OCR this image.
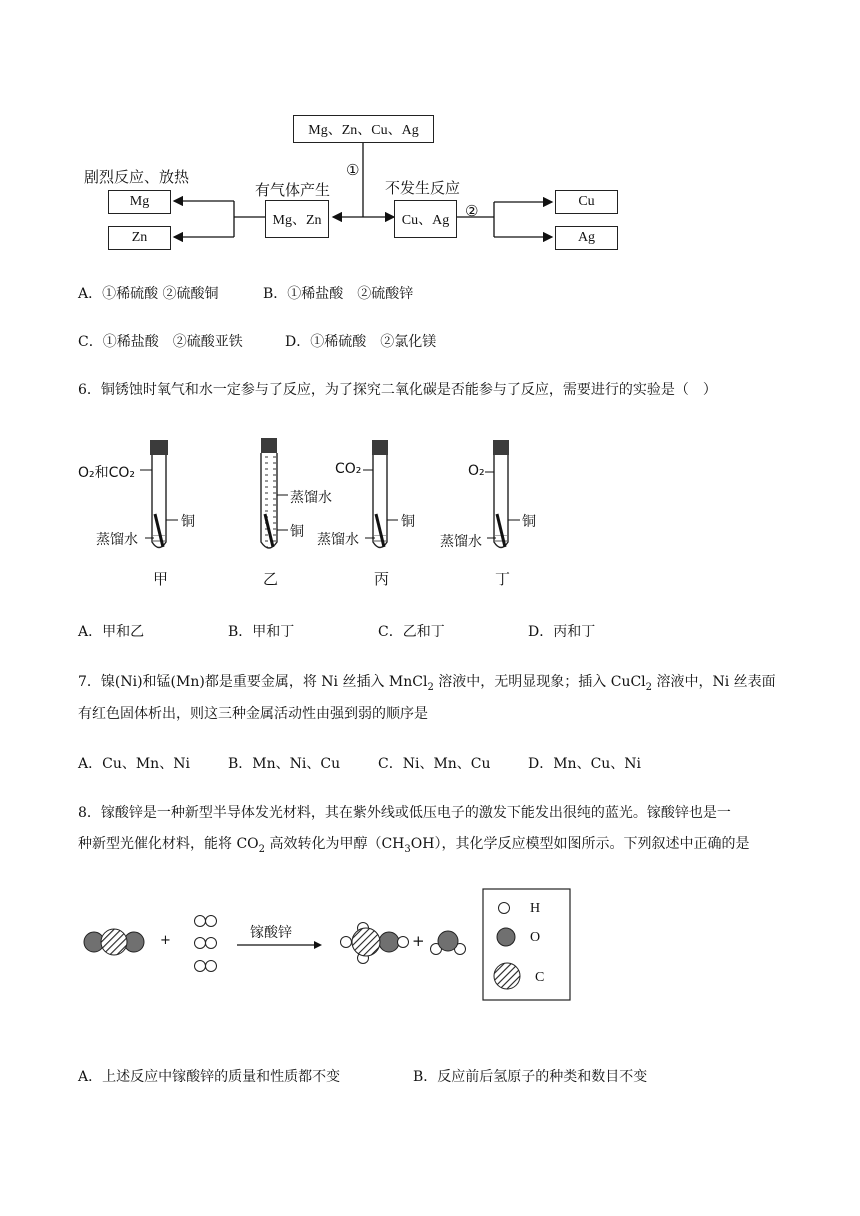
Mg、Zn、Cu、Ag
Mg、Zn	Cu、Ag
Mg
Zn
Cu
Ag
①
②
有气体产生	不发生反应
剧烈反应、放热
A．①稀硫酸 ②硫酸铜	B．①稀盐酸　②硫酸锌
C．①稀盐酸　②硫酸亚铁	D．①稀硫酸　②氯化镁
6．铜锈蚀时氧气和水一定参与了反应，为了探究二氧化碳是否能参与了反应，需要进行的实验是（　）
O₂和CO₂
铜
蒸馏水
蒸馏水
铜
CO₂
铜
蒸馏水
O₂
铜
蒸馏水
甲	乙	丙	丁
A．甲和乙	B．甲和丁	C．乙和丁	D．丙和丁
7．镍(Ni)和锰(Mn)都是重要金属，将 Ni 丝插入 MnCl$_2$ 溶液中，无明显现象；插入 CuCl$_2$ 溶液中，Ni 丝表面
有红色固体析出，则这三种金属活动性由强到弱的顺序是
A．Cu、Mn、Ni	B．Mn、Ni、Cu	C．Ni、Mn、Cu	D．Mn、Cu、Ni
8．镓酸锌是一种新型半导体发光材料，其在紫外线或低压电子的激发下能发出很纯的蓝光。镓酸锌也是一
种新型光催化材料，能将 $CO_2$ 高效转化为甲醇$(CH_3OH)$，其化学反应模型如图所示。下列叙述中正确的是
+	镓酸锌	+
H
O
C
A．上述反应中镓酸锌的质量和性质都不变	B．反应前后氢原子的种类和数目不变
